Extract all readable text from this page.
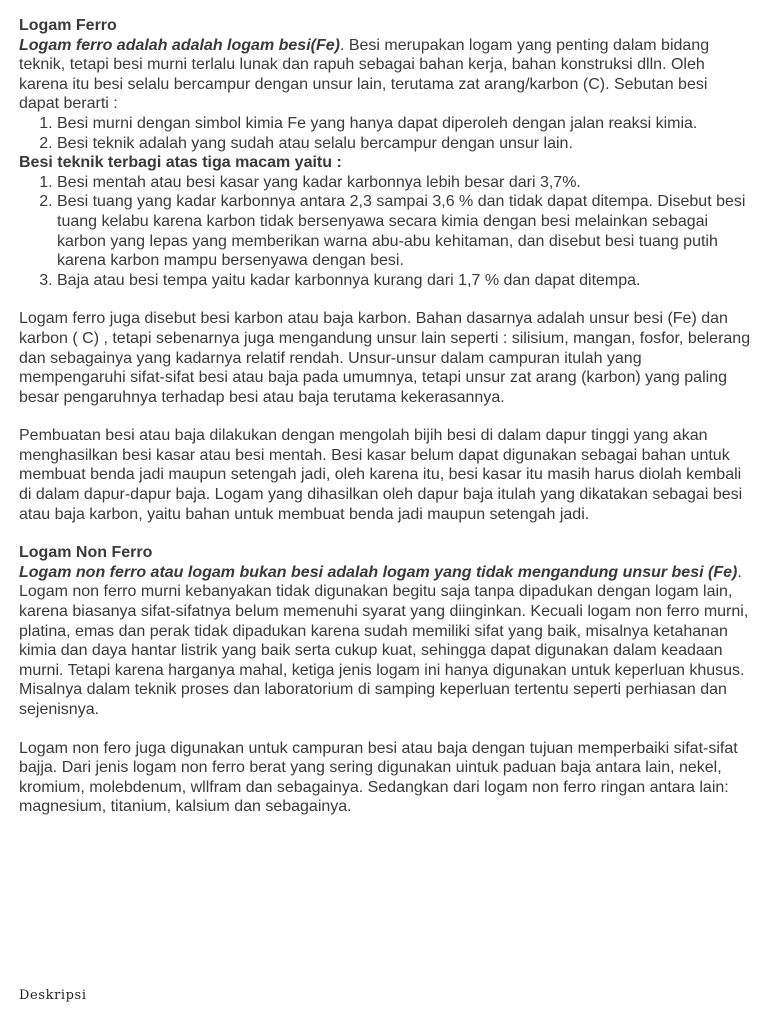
Logam Ferro

Logam ferro adalah adalah logam besi(Fe). Besi merupakan logam yang penting dalam bidang teknik, tetapi besi murni terlalu lunak dan rapuh sebagai bahan kerja, bahan konstruksi dlln. Oleh karena itu besi selalu bercampur dengan unsur lain, terutama zat arang/karbon (C). Sebutan besi dapat berarti :

1. Besi murni dengan simbol kimia Fe yang hanya dapat diperoleh dengan jalan reaksi kimia.
2. Besi teknik adalah yang sudah atau selalu bercampur dengan unsur lain.
Besi teknik terbagi atas tiga macam yaitu :
1. Besi mentah atau besi kasar yang kadar karbonnya lebih besar dari 3,7%.
2. Besi tuang yang kadar karbonnya antara 2,3 sampai 3,6 % dan tidak dapat ditempa. Disebut besi tuang kelabu karena karbon tidak bersenyawa secara kimia dengan besi melainkan sebagai karbon yang lepas yang memberikan warna abu-abu kehitaman, dan disebut besi tuang putih karena karbon mampu bersenyawa dengan besi.
3. Baja atau besi tempa yaitu kadar karbonnya kurang dari 1,7 % dan dapat ditempa.

Logam ferro juga disebut besi karbon atau baja karbon. Bahan dasarnya adalah unsur besi (Fe) dan karbon ( C) , tetapi sebenarnya juga mengandung unsur lain seperti : silisium, mangan, fosfor, belerang dan sebagainya yang kadarnya relatif rendah. Unsur-unsur dalam campuran itulah yang mempengaruhi sifat-sifat besi atau baja pada umumnya, tetapi unsur zat arang (karbon) yang paling besar pengaruhnya terhadap besi atau baja terutama kekerasannya.

Pembuatan besi atau baja dilakukan dengan mengolah bijih besi di dalam dapur tinggi yang akan menghasilkan besi kasar atau besi mentah. Besi kasar belum dapat digunakan sebagai bahan untuk membuat benda jadi maupun setengah jadi, oleh karena itu, besi kasar itu masih harus diolah kembali di dalam dapur-dapur baja. Logam yang dihasilkan oleh dapur baja itulah yang dikatakan sebagai besi atau baja karbon, yaitu bahan untuk membuat benda jadi maupun setengah jadi.

Logam Non Ferro

Logam non ferro atau logam bukan besi adalah logam yang tidak mengandung unsur besi (Fe). Logam non ferro murni kebanyakan tidak digunakan begitu saja tanpa dipadukan dengan logam lain, karena biasanya sifat-sifatnya belum memenuhi syarat yang diinginkan. Kecuali logam non ferro murni, platina, emas dan perak tidak dipadukan karena sudah memiliki sifat yang baik, misalnya ketahanan kimia dan daya hantar listrik yang baik serta cukup kuat, sehingga dapat digunakan dalam keadaan murni. Tetapi karena harganya mahal, ketiga jenis logam ini hanya digunakan untuk keperluan khusus. Misalnya dalam teknik proses dan laboratorium di samping keperluan tertentu seperti perhiasan dan sejenisnya.

Logam non fero juga digunakan untuk campuran besi atau baja dengan tujuan memperbaiki sifat-sifat bajja. Dari jenis logam non ferro berat yang sering digunakan uintuk paduan baja antara lain, nekel, kromium, molebdenum, wllfram dan sebagainya. Sedangkan dari logam non ferro ringan antara lain: magnesium, titanium, kalsium dan sebagainya.

Deskripsi
